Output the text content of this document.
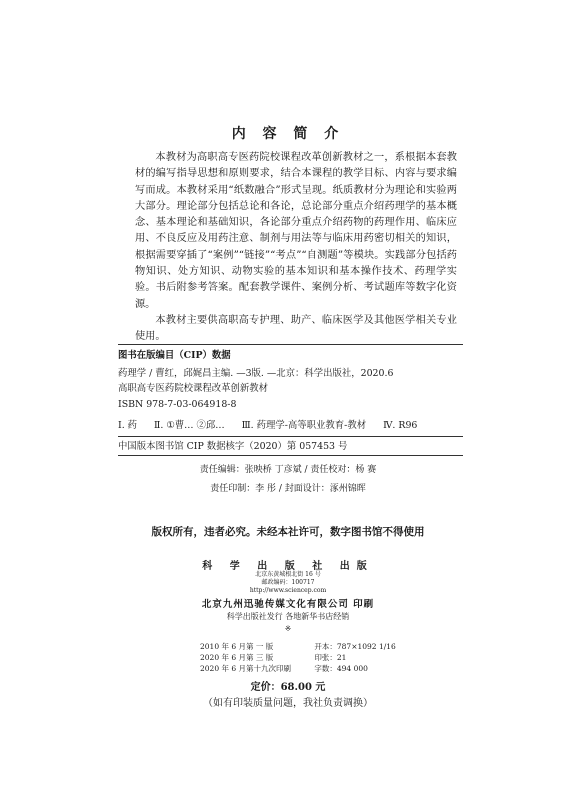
内 容 简 介

本教材为高职高专医药院校课程改革创新教材之一，系根据本套教材的编写指导思想和原则要求，结合本课程的教学目标、内容与要求编写而成。本教材采用“纸数融合”形式呈现。纸质教材分为理论和实验两大部分。理论部分包括总论和各论，总论部分重点介绍药理学的基本概念、基本理论和基础知识，各论部分重点介绍药物的药理作用、临床应用、不良反应及用药注意、制剂与用法等与临床用药密切相关的知识，根据需要穿插了“案例”“链接”“考点”“自测题”等模块。实践部分包括药物知识、处方知识、动物实验的基本知识和基本操作技术、药理学实验。书后附参考答案。配套教学课件、案例分析、考试题库等数字化资源。

本教材主要供高职高专护理、助产、临床医学及其他医学相关专业使用。

图书在版编目（CIP）数据
药理学 / 曹红，邱娓昌主编. —3版. —北京：科学出版社，2020.6
高职高专医药院校课程改革创新教材
ISBN 978-7-03-064918-8
Ⅰ. 药 Ⅱ. ①曹… ②邱… Ⅲ. 药理学-高等职业教育-教材 Ⅳ. R96
中国版本图书馆 CIP 数据核字（2020）第 057453 号
责任编辑：张映桥 丁彦斌 / 责任校对：杨 赛
责任印制：李 彤 / 封面设计：涿州锦晖
版权所有，违者必究。未经本社许可，数字图书馆不得使用
科 学 出 版 社 出版
北京东黄城根北街 16 号
邮政编码：100717
http://www.sciencep.com
北京九州迅驰传媒文化有限公司 印刷
科学出版社发行 各地新华书店经销
※
2010 年 6 月第 一 版	开本：787×1092 1/16
2020 年 6 月第 三 版	印张：21
2020 年 6 月第十九次印刷	字数：494 000
定价：68.00 元
（如有印装质量问题，我社负责调换）
